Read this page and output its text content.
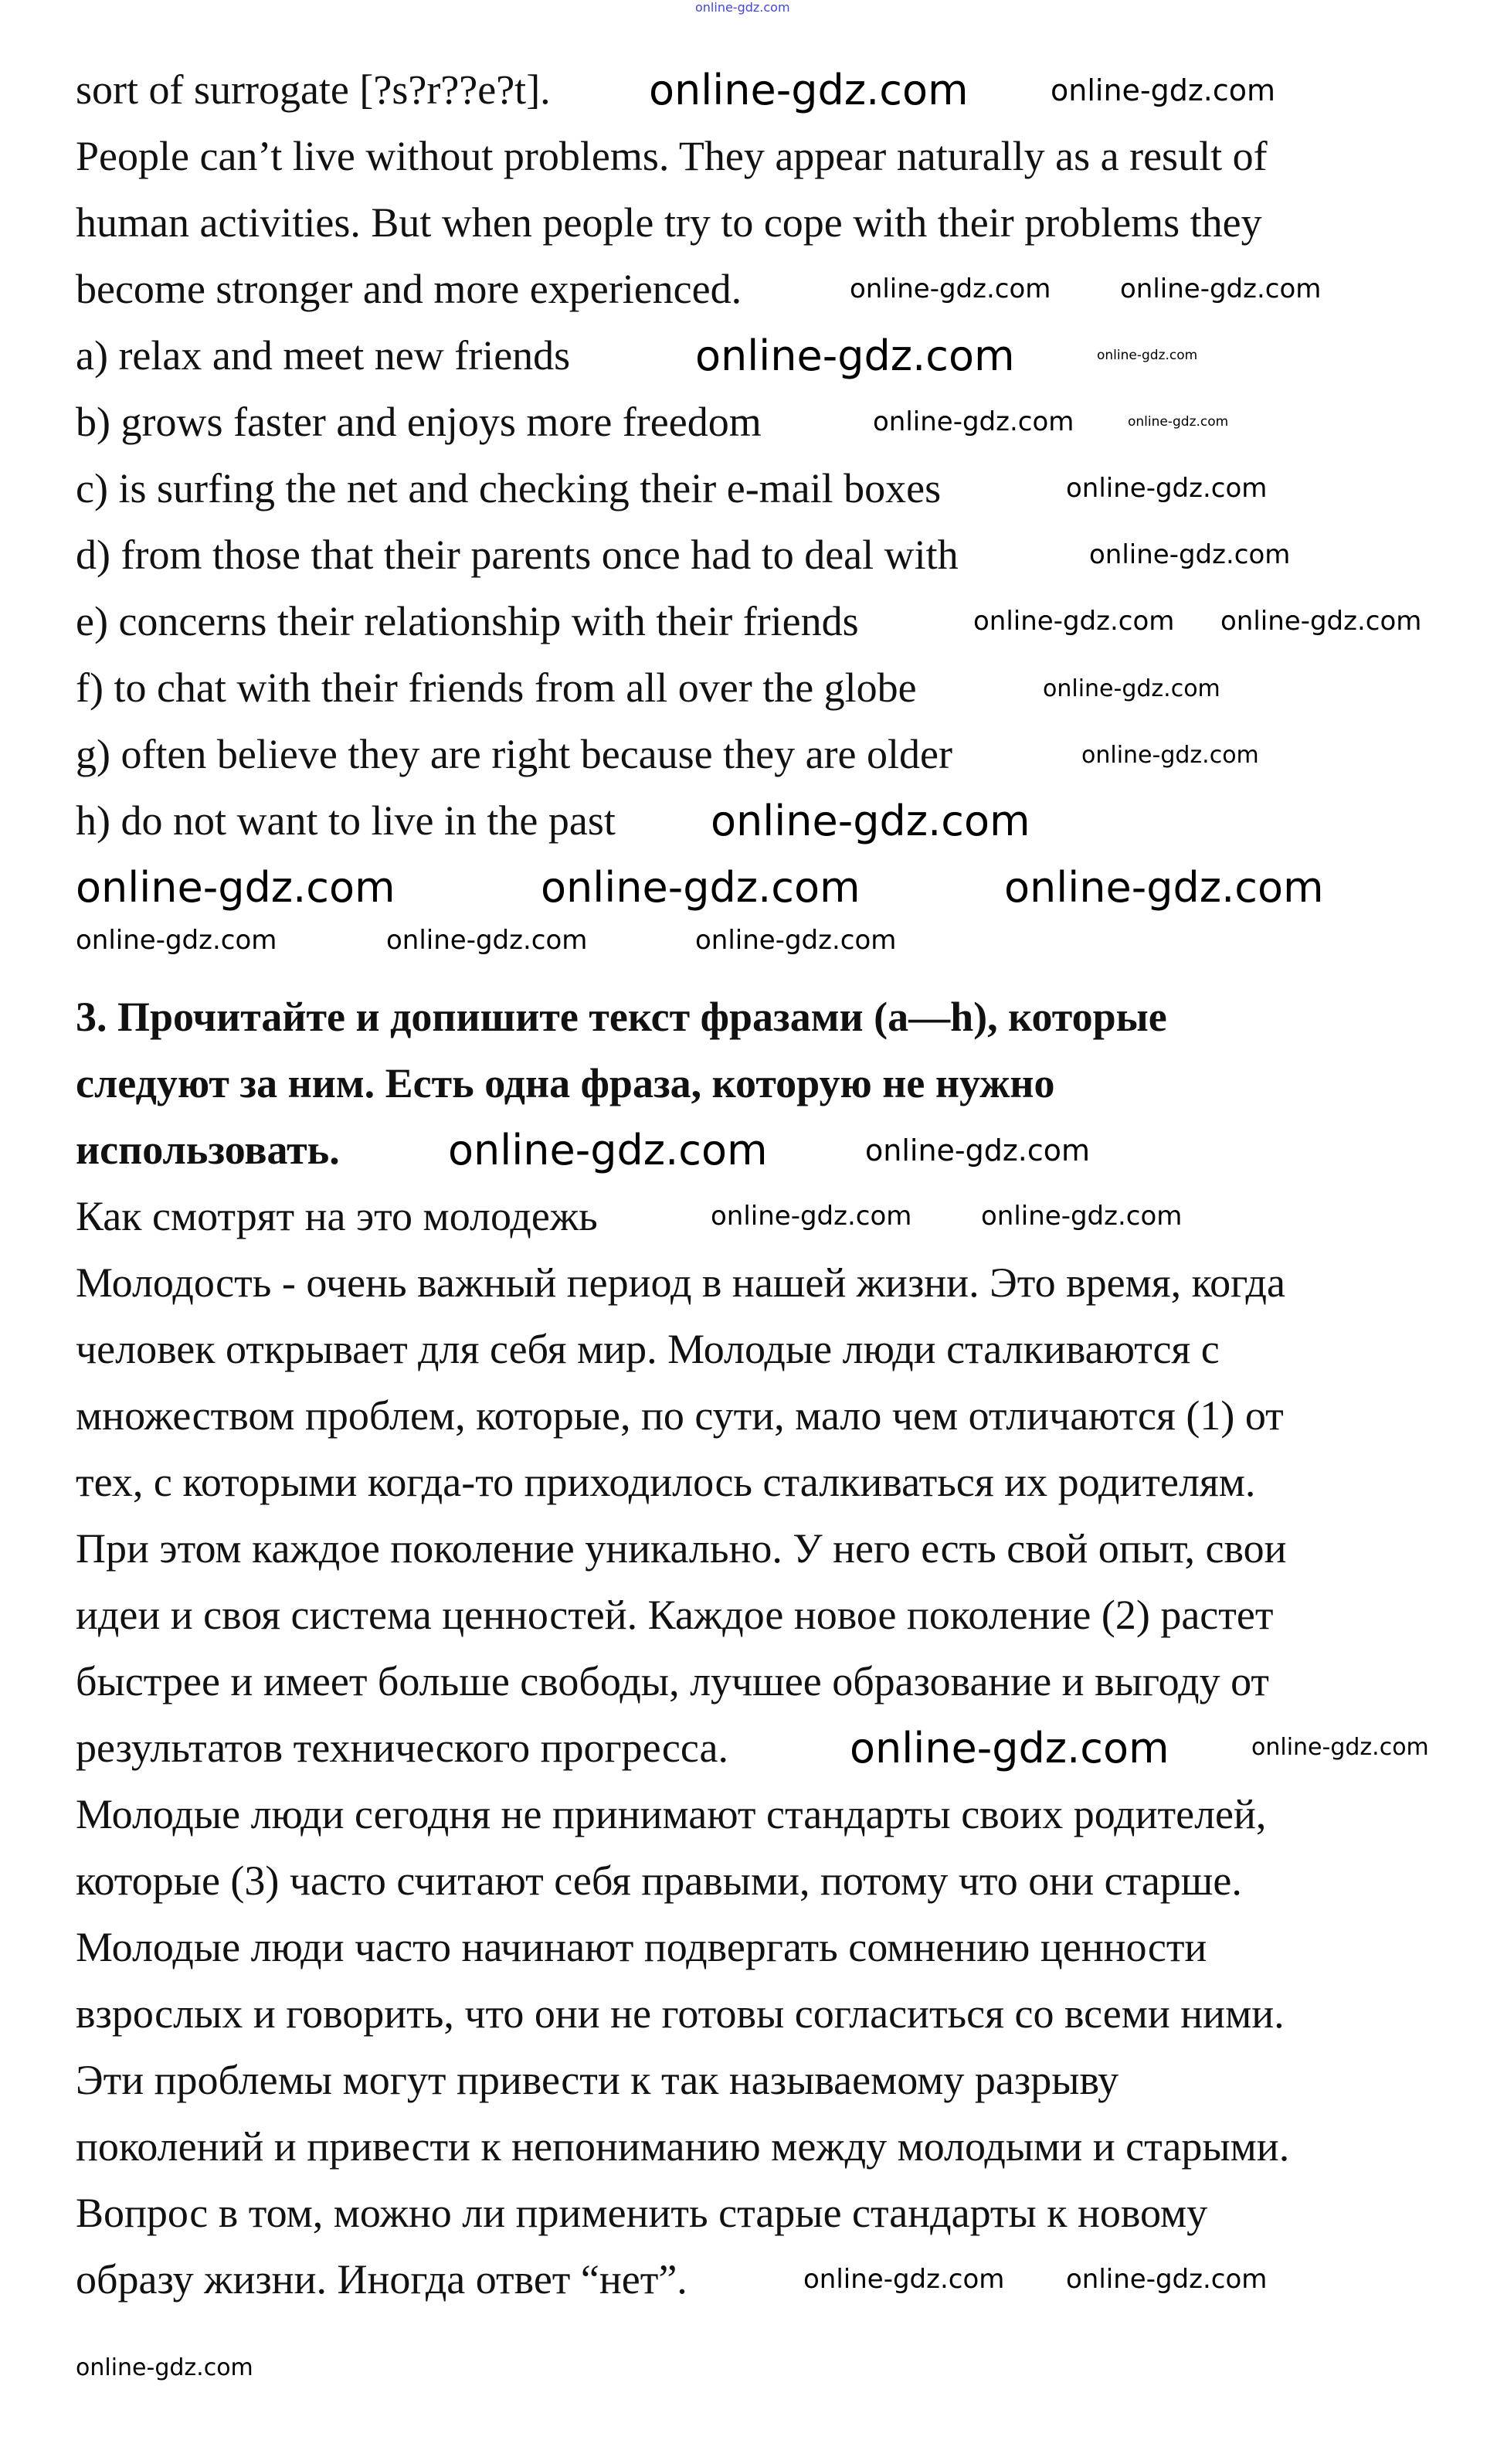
sort of surrogate [?s?r??e?t].
People can’t live without problems. They appear naturally as a result of
human activities. But when people try to cope with their problems they
become stronger and more experienced.
a) relax and meet new friends
b) grows faster and enjoys more freedom
c) is surfing the net and checking their e-mail boxes
d) from those that their parents once had to deal with
e) concerns their relationship with their friends
f) to chat with their friends from all over the globe
g) often believe they are right because they are older
h) do not want to live in the past
3. Прочитайте и допишите текст фразами (a—h), которые
следуют за ним. Есть одна фраза, которую не нужно
использовать.
Как смотрят на это молодежь
Молодость - очень важный период в нашей жизни. Это время, когда
человек открывает для себя мир. Молодые люди сталкиваются с
множеством проблем, которые, по сути, мало чем отличаются (1) от
тех, с которыми когда-то приходилось сталкиваться их родителям.
При этом каждое поколение уникально. У него есть свой опыт, свои
идеи и своя система ценностей. Каждое новое поколение (2) растет
быстрее и имеет больше свободы, лучшее образование и выгоду от
результатов технического прогресса.
Молодые люди сегодня не принимают стандарты своих родителей,
которые (3) часто считают себя правыми, потому что они старше.
Молодые люди часто начинают подвергать сомнению ценности
взрослых и говорить, что они не готовы согласиться со всеми ними.
Эти проблемы могут привести к так называемому разрыву
поколений и привести к непониманию между молодыми и старыми.
Вопрос в том, можно ли применить старые стандарты к новому
образу жизни. Иногда ответ “нет”.
online-gdz.com
online-gdz.com	online-gdz.com
online-gdz.com	online-gdz.com
online-gdz.com	online-gdz.com
online-gdz.com	online-gdz.com
online-gdz.com
online-gdz.com
online-gdz.com online-gdz.com
online-gdz.com
online-gdz.com
online-gdz.com
online-gdz.com	online-gdz.com	online-gdz.com
online-gdz.com	online-gdz.com	online-gdz.com
online-gdz.com	online-gdz.com
online-gdz.com	online-gdz.com
online-gdz.com	online-gdz.com
online-gdz.com online-gdz.com
online-gdz.com
